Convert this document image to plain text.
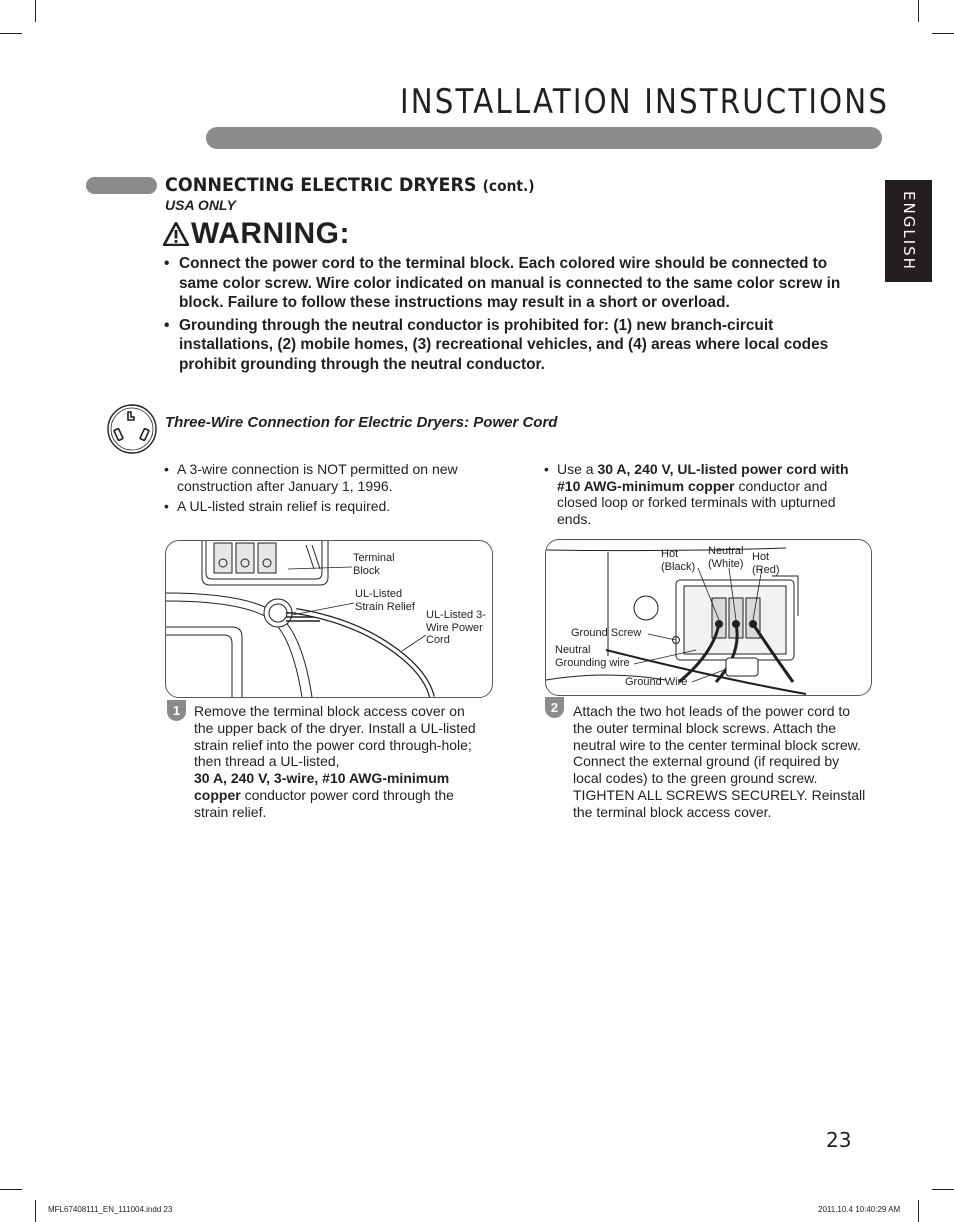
INSTALLATION INSTRUCTIONS
ENGLISH
CONNECTING ELECTRIC DRYERS (cont.)
USA ONLY
WARNING:
• Connect the power cord to the terminal block. Each colored wire should be connected to same color screw. Wire color indicated on manual is connected to the same color screw in block. Failure to follow these instructions may result in a short or overload.
• Grounding through the neutral conductor is prohibited for: (1) new branch-circuit installations, (2) mobile homes, (3) recreational vehicles, and (4) areas where local codes prohibit grounding through the neutral conductor.
Three-Wire Connection for Electric Dryers: Power Cord
• A 3-wire connection is NOT permitted on new construction after January 1, 1996.
• A UL-listed strain relief is required.
• Use a 30 A, 240 V, UL-listed power cord with #10 AWG-minimum copper conductor and closed loop or forked terminals with upturned ends.
Terminal Block
UL-Listed Strain Relief
UL-Listed 3-Wire Power Cord
1 Remove the terminal block access cover on the upper back of the dryer. Install a UL-listed strain relief into the power cord through-hole; then thread a UL-listed,
30 A, 240 V, 3-wire, #10 AWG-minimum copper conductor power cord through the strain relief.
Hot (Black)
Neutral (White)
Hot (Red)
Ground Screw
Neutral Grounding wire
Ground Wire
2	Attach the two hot leads of the power cord to the outer terminal block screws. Attach the neutral wire to the center terminal block screw. Connect the external ground (if required by local codes) to the green ground screw. TIGHTEN ALL SCREWS SECURELY. Reinstall the terminal block access cover.
23
MFL67408111_EN_111004.indd 23	2011.10.4 10:40:29 AM
